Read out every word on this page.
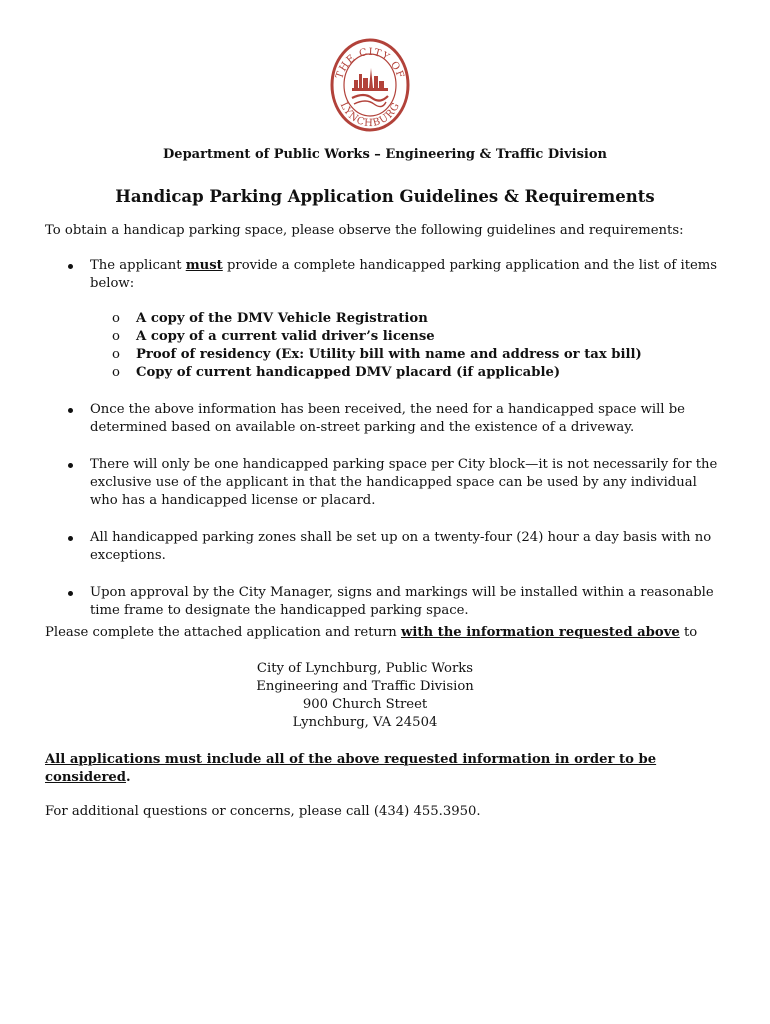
THE CITY OF
LYNCHBURG
Department of Public Works – Engineering & Traffic Division
Handicap Parking Application Guidelines & Requirements
To obtain a handicap parking space, please observe the following guidelines and requirements:
The applicant must provide a complete handicapped parking application and the list of items below:
o A copy of the DMV Vehicle Registration
o A copy of a current valid driver’s license
o Proof of residency (Ex: Utility bill with name and address or tax bill)
o Copy of current handicapped DMV placard (if applicable)
Once the above information has been received, the need for a handicapped space will be determined based on available on-street parking and the existence of a driveway.
There will only be one handicapped parking space per City block—it is not necessarily for the exclusive use of the applicant in that the handicapped space can be used by any individual who has a handicapped license or placard.
All handicapped parking zones shall be set up on a twenty-four (24) hour a day basis with no exceptions.
Upon approval by the City Manager, signs and markings will be installed within a reasonable time frame to designate the handicapped parking space.
Please complete the attached application and return with the information requested above to
City of Lynchburg, Public Works
Engineering and Traffic Division
900 Church Street
Lynchburg, VA 24504
All applications must include all of the above requested information in order to be considered.
For additional questions or concerns, please call (434) 455.3950.
